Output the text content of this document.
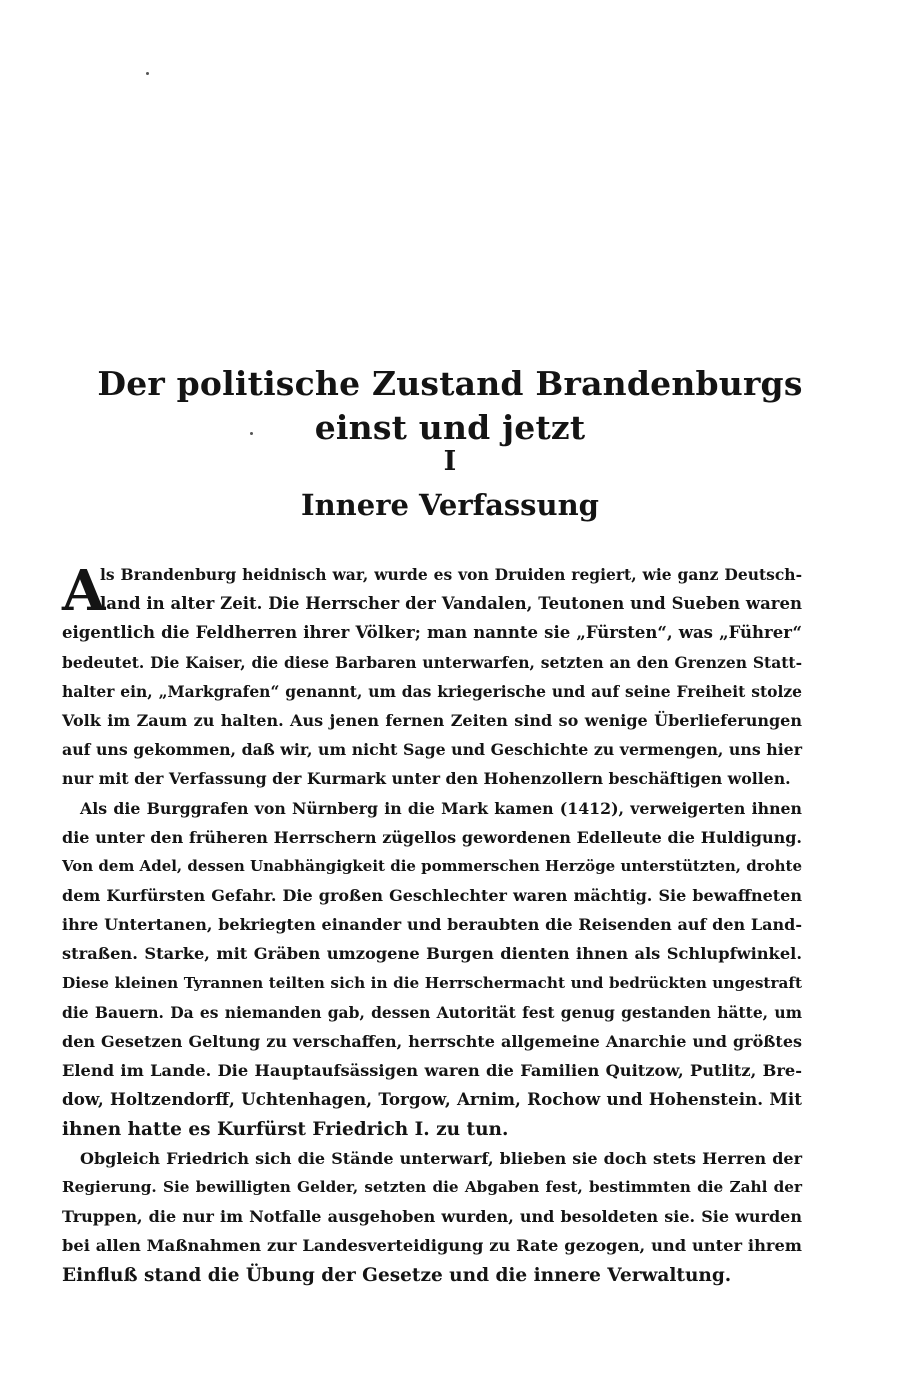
Der politische Zustand Brandenburgs einst und jetzt
I
Innere Verfassung
A
ls Brandenburg heidnisch war, wurde es von Druiden regiert, wie ganz Deutsch-
land in alter Zeit. Die Herrscher der Vandalen, Teutonen und Sueben waren
eigentlich die Feldherren ihrer Völker; man nannte sie „Fürsten“, was „Führer“
bedeutet. Die Kaiser, die diese Barbaren unterwarfen, setzten an den Grenzen Statt-
halter ein, „Markgrafen“ genannt, um das kriegerische und auf seine Freiheit stolze
Volk im Zaum zu halten. Aus jenen fernen Zeiten sind so wenige Überlieferungen
auf uns gekommen, daß wir, um nicht Sage und Geschichte zu vermengen, uns hier
nur mit der Verfassung der Kurmark unter den Hohenzollern beschäftigen wollen.
Als die Burggrafen von Nürnberg in die Mark kamen (1412), verweigerten ihnen
die unter den früheren Herrschern zügellos gewordenen Edelleute die Huldigung.
Von dem Adel, dessen Unabhängigkeit die pommerschen Herzöge unterstützten, drohte
dem Kurfürsten Gefahr. Die großen Geschlechter waren mächtig. Sie bewaffneten
ihre Untertanen, bekriegten einander und beraubten die Reisenden auf den Land-
straßen. Starke, mit Gräben umzogene Burgen dienten ihnen als Schlupfwinkel.
Diese kleinen Tyrannen teilten sich in die Herrschermacht und bedrückten ungestraft
die Bauern. Da es niemanden gab, dessen Autorität fest genug gestanden hätte, um
den Gesetzen Geltung zu verschaffen, herrschte allgemeine Anarchie und größtes
Elend im Lande. Die Hauptaufsässigen waren die Familien Quitzow, Putlitz, Bre-
dow, Holtzendorff, Uchtenhagen, Torgow, Arnim, Rochow und Hohenstein. Mit
ihnen hatte es Kurfürst Friedrich I. zu tun.
Obgleich Friedrich sich die Stände unterwarf, blieben sie doch stets Herren der
Regierung. Sie bewilligten Gelder, setzten die Abgaben fest, bestimmten die Zahl der
Truppen, die nur im Notfalle ausgehoben wurden, und besoldeten sie. Sie wurden
bei allen Maßnahmen zur Landesverteidigung zu Rate gezogen, und unter ihrem
Einfluß stand die Übung der Gesetze und die innere Verwaltung.
